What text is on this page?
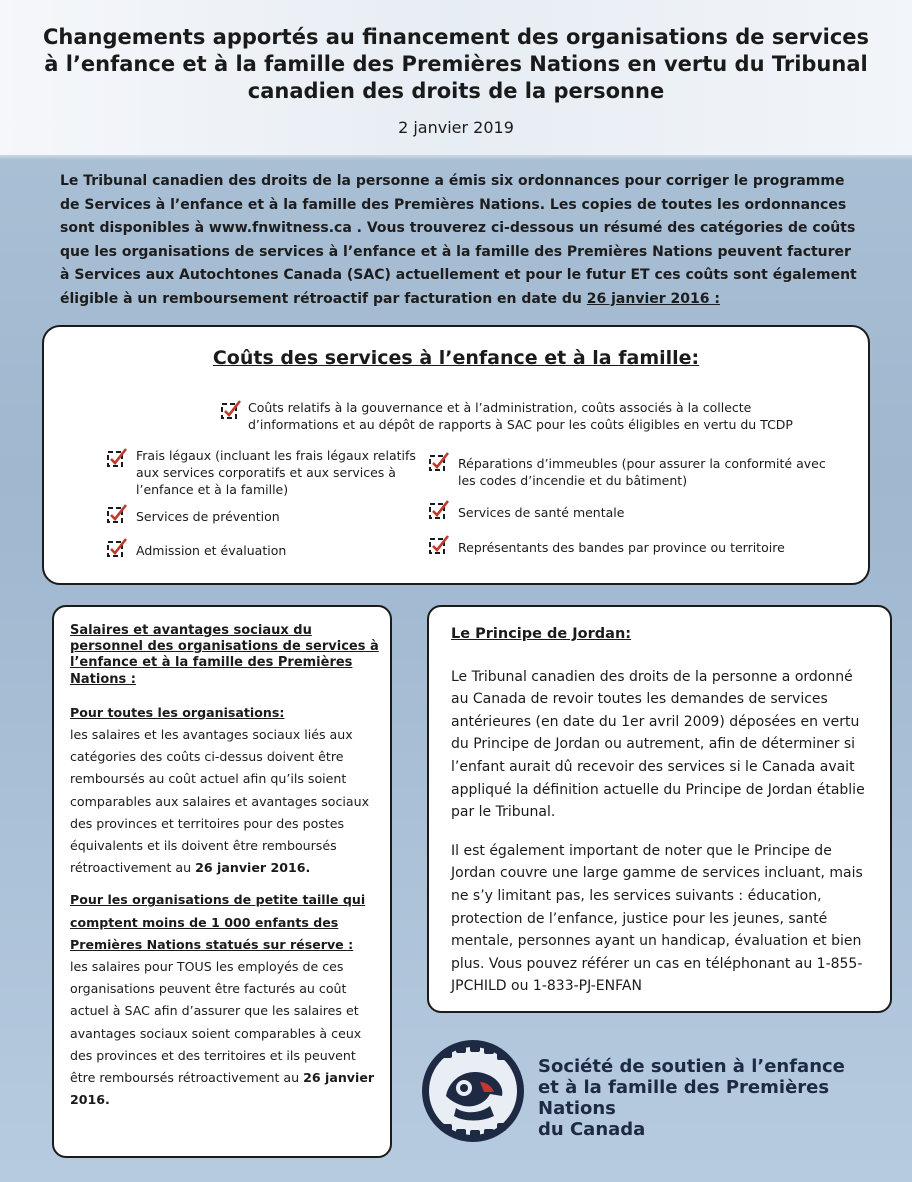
Changements apportés au financement des organisations de services à l’enfance et à la famille des Premières Nations en vertu du Tribunal canadien des droits de la personne
2 janvier 2019
Le Tribunal canadien des droits de la personne a émis six ordonnances pour corriger le programme de Services à l’enfance et à la famille des Premières Nations. Les copies de toutes les ordonnances sont disponibles à www.fnwitness.ca . Vous trouverez ci-dessous un résumé des catégories de coûts que les organisations de services à l’enfance et à la famille des Premières Nations peuvent facturer à Services aux Autochtones Canada (SAC) actuellement et pour le futur ET ces coûts sont également éligible à un remboursement rétroactif par facturation en date du 26 janvier 2016 :
Coûts des services à l’enfance et à la famille:
Coûts relatifs à la gouvernance et à l’administration, coûts associés à la collecte d’informations et au dépôt de rapports à SAC pour les coûts éligibles en vertu du TCDP
Frais légaux (incluant les frais légaux relatifs aux services corporatifs et aux services à l’enfance et à la famille)
Services de prévention
Admission et évaluation
Réparations d’immeubles (pour assurer la conformité avec les codes d’incendie et du bâtiment)
Services de santé mentale
Représentants des bandes par province ou territoire

Salaires et avantages sociaux du personnel des organisations de services à l’enfance et à la famille des Premières Nations :

Pour toutes les organisations:

les salaires et les avantages sociaux liés aux catégories des coûts ci-dessus doivent être remboursés au coût actuel afin qu’ils soient comparables aux salaires et avantages sociaux des provinces et territoires pour des postes équivalents et ils doivent être remboursés rétroactivement au 26 janvier 2016.

Pour les organisations de petite taille qui comptent moins de 1 000 enfants des Premières Nations statués sur réserve :

les salaires pour TOUS les employés de ces organisations peuvent être facturés au coût actuel à SAC afin d’assurer que les salaires et avantages sociaux soient comparables à ceux des provinces et des territoires et ils peuvent être remboursés rétroactivement au 26 janvier 2016.

Le Principe de Jordan:

Le Tribunal canadien des droits de la personne a ordonné au Canada de revoir toutes les demandes de services antérieures (en date du 1er avril 2009) déposées en vertu du Principe de Jordan ou autrement, afin de déterminer si l’enfant aurait dû recevoir des services si le Canada avait appliqué la définition actuelle du Principe de Jordan établie par le Tribunal.

Il est également important de noter que le Principe de Jordan couvre une large gamme de services incluant, mais ne s’y limitant pas, les services suivants : éducation, protection de l’enfance, justice pour les jeunes, santé mentale, personnes ayant un handicap, évaluation et bien plus. Vous pouvez référer un cas en téléphonant au 1-855-JPCHILD ou 1-833-PJ-ENFAN

Société de soutien à l’enfance
et à la famille des Premières Nations
du Canada
